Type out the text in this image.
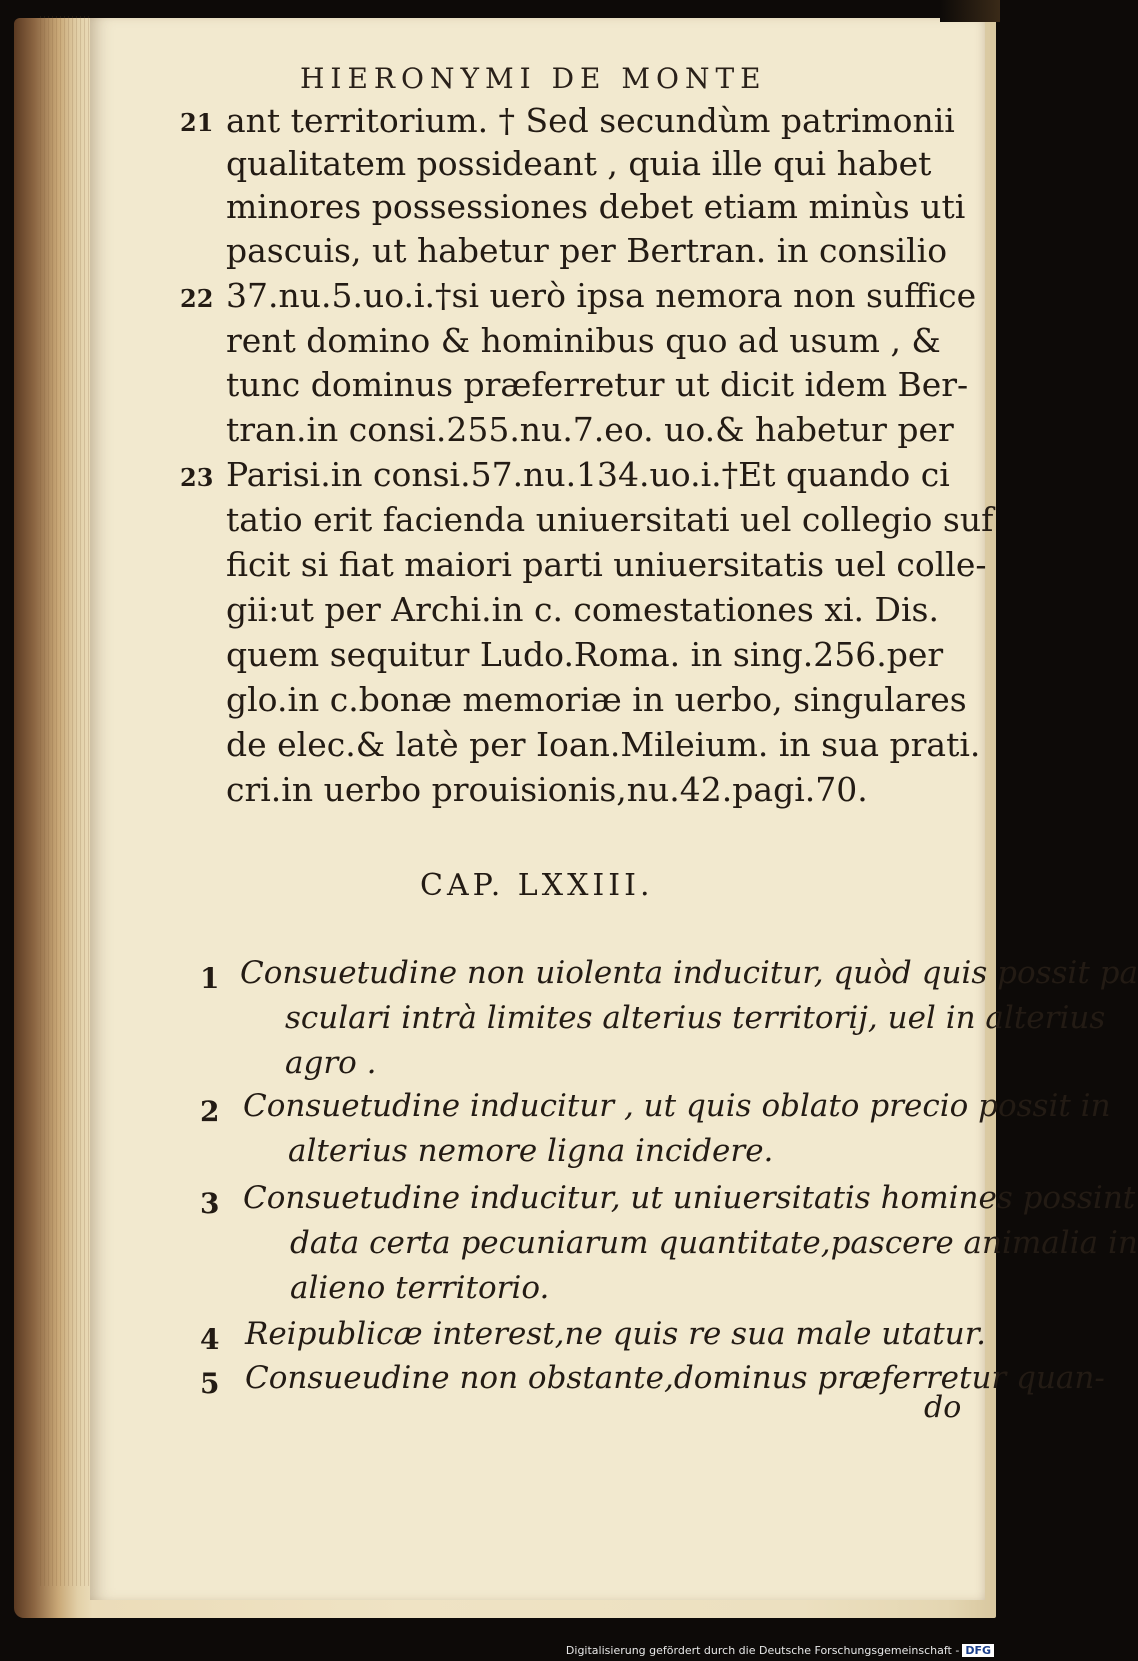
HIERONYMI DE MONTE
ant territorium. † Sed secundùm patrimonii
qualitatem possideant , quia ille qui habet
minores possessiones debet etiam minùs uti
pascuis, ut habetur per Bertran. in consilio
37.nu.5.uo.i.†si uerò ipsa nemora non suffice
rent domino & hominibus quo ad usum , &
tunc dominus præferretur ut dicit idem Ber-
tran.in consi.255.nu.7.eo. uo.& habetur per
Parisi.in consi.57.nu.134.uo.i.†Et quando ci
tatio erit facienda uniuersitati uel collegio suf
ficit si fiat maiori parti uniuersitatis uel colle-
gii:ut per Archi.in c. comestationes xi. Dis.
quem sequitur Ludo.Roma. in sing.256.per
glo.in c.bonæ memoriæ in uerbo, singulares
de elec.& latè per Ioan.Mileium. in sua prati.
cri.in uerbo prouisionis,nu.42.pagi.70.
21
22
23
CAP. LXXIII.
1 Consuetudine non uiolenta inducitur, quòd quis possit pa
sculari intrà limites alterius territorij, uel in alterius
agro .
2 Consuetudine inducitur , ut quis oblato precio possit in
alterius nemore ligna incidere.
3 Consuetudine inducitur, ut uniuersitatis homines possint
data certa pecuniarum quantitate,pascere animalia in
alieno territorio.
4 Reipublicæ interest,ne quis re sua male utatur.
5 Consueudine non obstante,dominus præferretur quan-
do
Digitalisierung gefördert durch die Deutsche Forschungsgemeinschaft - DFG
